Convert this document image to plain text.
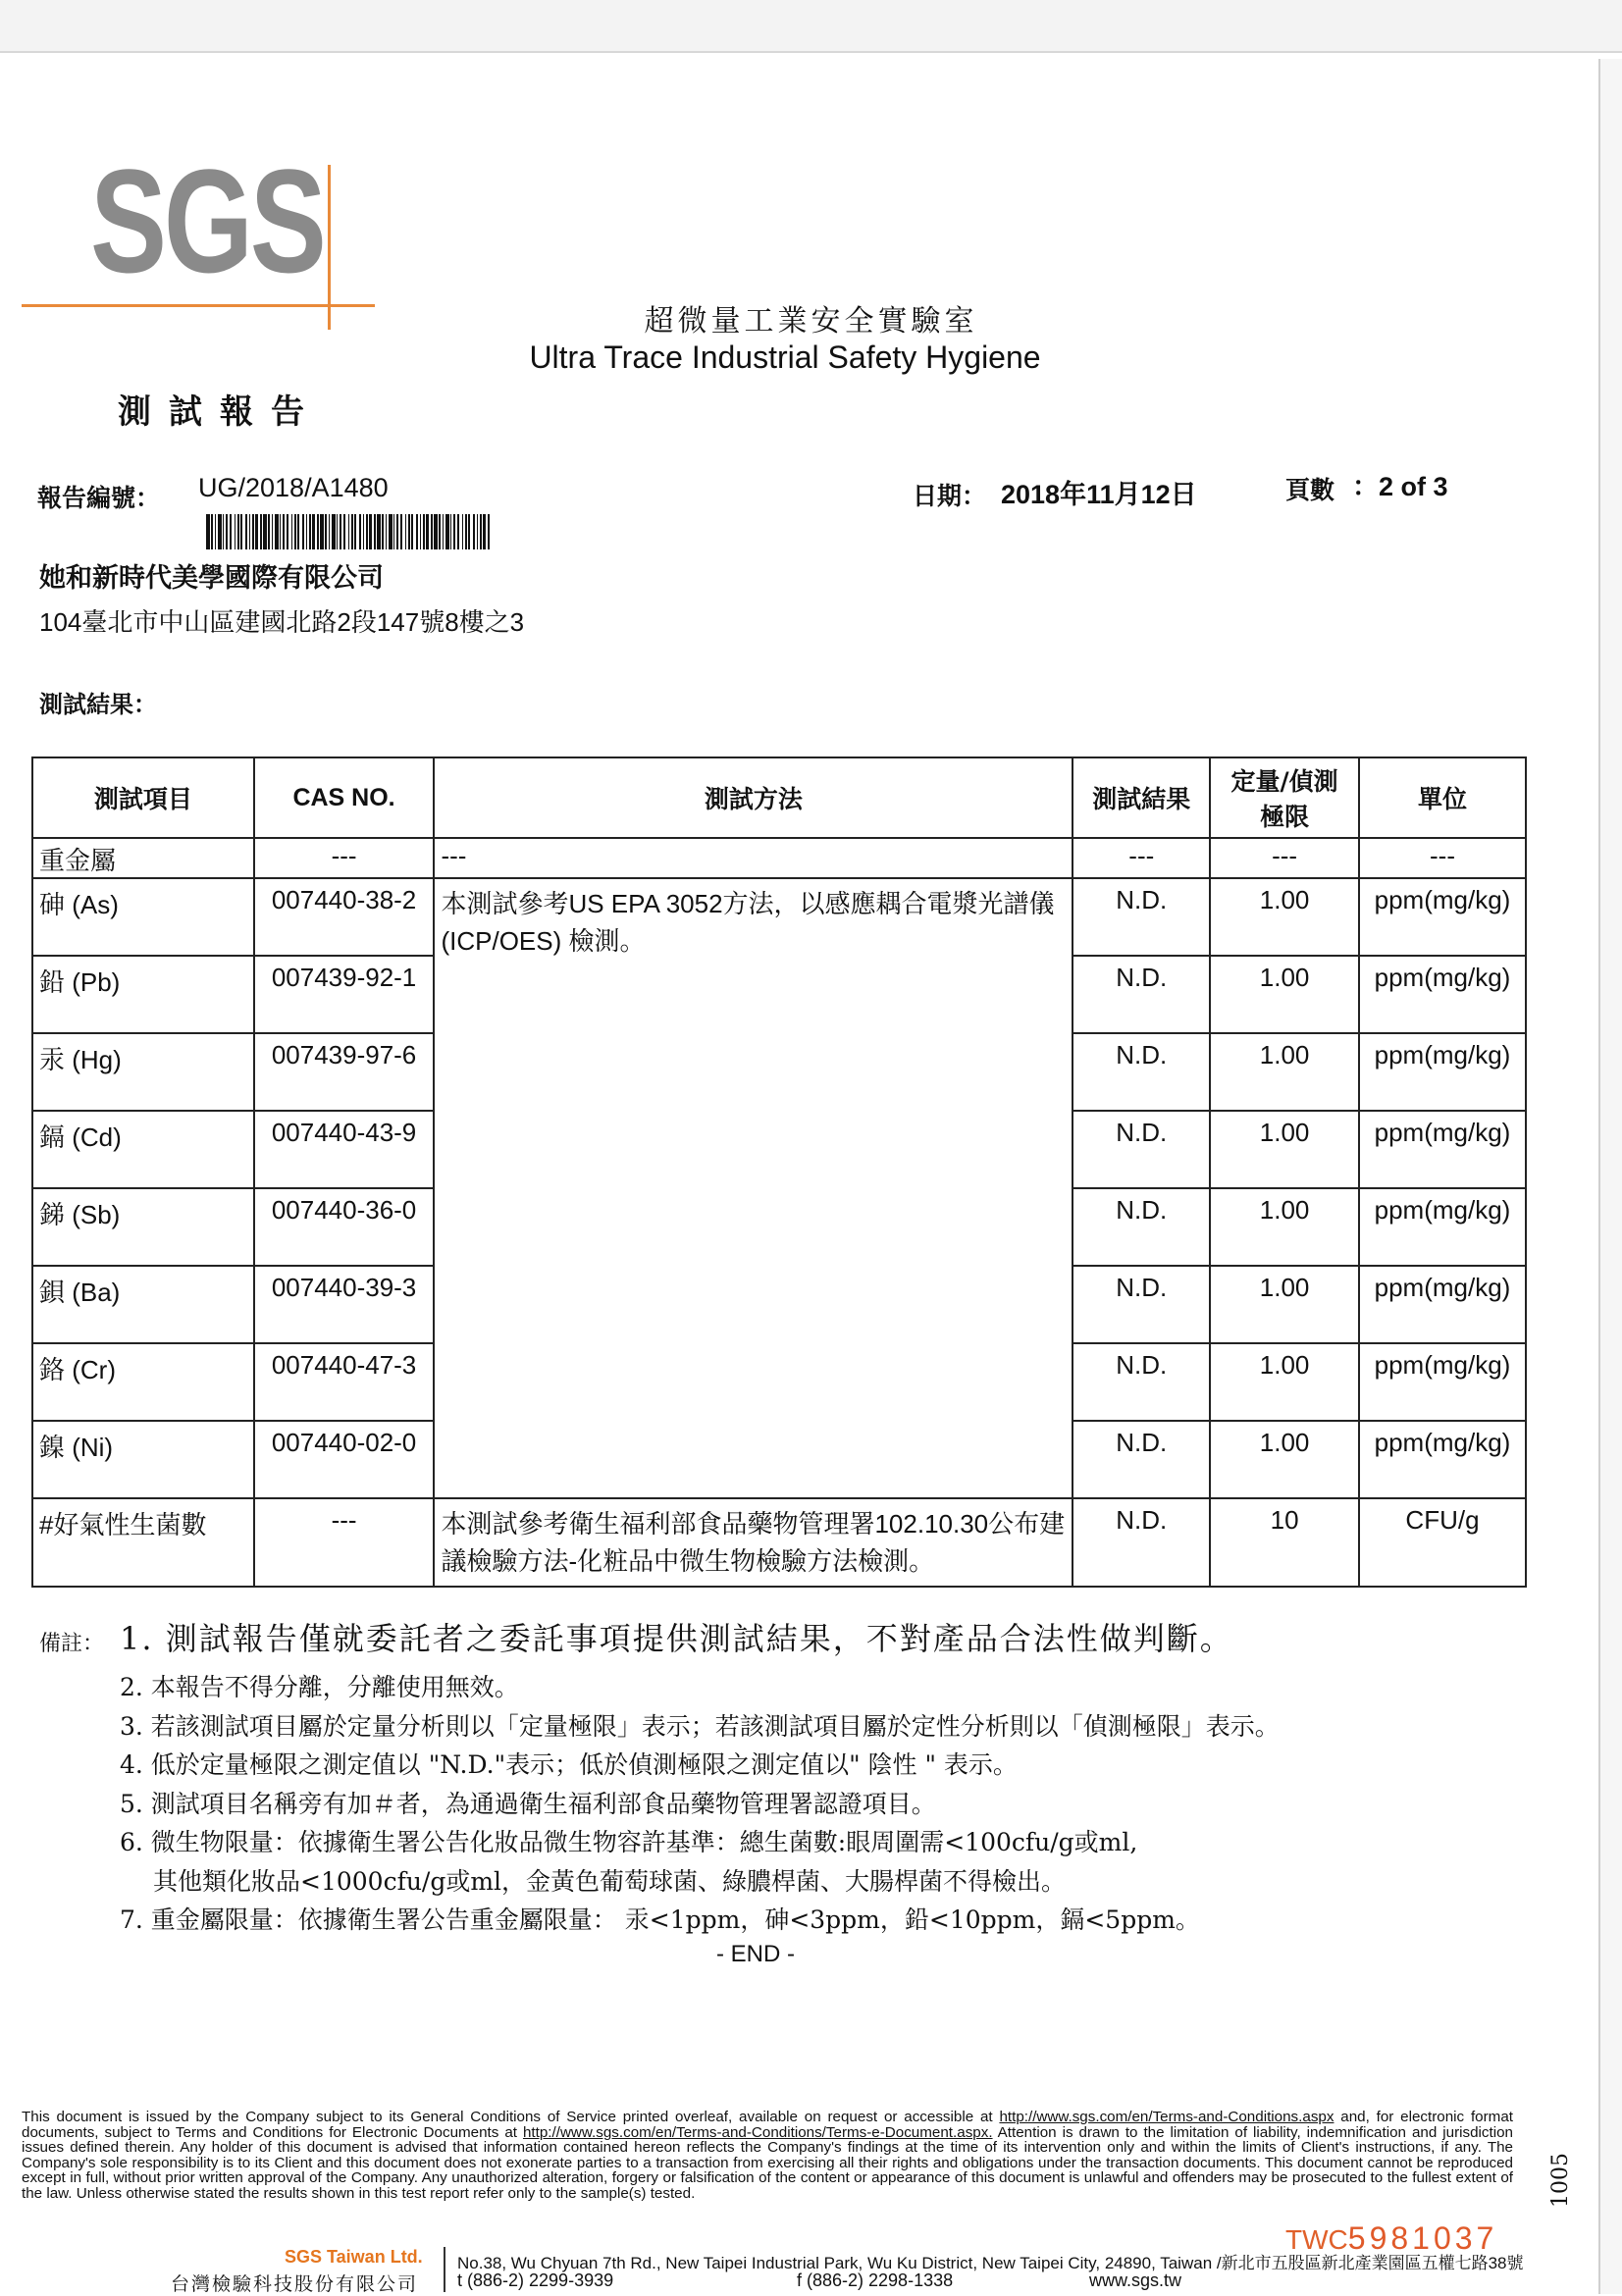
SGS
超微量工業安全實驗室
Ultra Trace Industrial Safety Hygiene
測試報告
報告編號： UG/2018/A1480	日期： 2018年11月12日	頁數 ：2 of 3
她和新時代美學國際有限公司
104臺北市中山區建國北路2段147號8樓之3
測試結果：
測試項目	CAS NO.	測試方法	測試結果	定量/偵測極限	單位
重金屬	---	---	---	---	---
砷 (As)	007440-38-2	本測試參考US EPA 3052方法，以感應耦合電漿光譜儀(ICP/OES) 檢測。	N.D.	1.00	ppm(mg/kg)
鉛 (Pb)	007439-92-1		N.D.	1.00	ppm(mg/kg)
汞 (Hg)	007439-97-6		N.D.	1.00	ppm(mg/kg)
鎘 (Cd)	007440-43-9		N.D.	1.00	ppm(mg/kg)
銻 (Sb)	007440-36-0		N.D.	1.00	ppm(mg/kg)
鋇 (Ba)	007440-39-3		N.D.	1.00	ppm(mg/kg)
鉻 (Cr)	007440-47-3		N.D.	1.00	ppm(mg/kg)
鎳 (Ni)	007440-02-0		N.D.	1.00	ppm(mg/kg)
#好氣性生菌數	---	本測試參考衛生福利部食品藥物管理署102.10.30公布建議檢驗方法-化粧品中微生物檢驗方法檢測。	N.D.	10	CFU/g
備註： 1. 測試報告僅就委託者之委託事項提供測試結果，不對產品合法性做判斷。
2. 本報告不得分離，分離使用無效。
3. 若該測試項目屬於定量分析則以「定量極限」表示；若該測試項目屬於定性分析則以「偵測極限」表示。
4. 低於定量極限之測定值以 "N.D."表示；低於偵測極限之測定值以" 陰性 " 表示。
5. 測試項目名稱旁有加＃者，為通過衛生福利部食品藥物管理署認證項目。
6. 微生物限量：依據衛生署公告化妝品微生物容許基準：總生菌數:眼周圍需<100cfu/g或ml,
其他類化妝品<1000cfu/g或ml，金黃色葡萄球菌、綠膿桿菌、大腸桿菌不得檢出。
7. 重金屬限量：依據衛生署公告重金屬限量： 汞<1ppm，砷<3ppm，鉛<10ppm，鎘<5ppm。
- END -
This document is issued by the Company subject to its General Conditions of Service printed overleaf, available on request or accessible at http://www.sgs.com/en/Terms-and-Conditions.aspx and, for electronic format documents, subject to Terms and Conditions for Electronic Documents at http://www.sgs.com/en/Terms-and-Conditions/Terms-e-Document.aspx. Attention is drawn to the limitation of liability, indemnification and jurisdiction issues defined therein. Any holder of this document is advised that information contained hereon reflects the Company's findings at the time of its intervention only and within the limits of Client's instructions, if any. The Company's sole responsibility is to its Client and this document does not exonerate parties to a transaction from exercising all their rights and obligations under the transaction documents. This document cannot be reproduced except in full, without prior written approval of the Company. Any unauthorized alteration, forgery or falsification of the content or appearance of this document is unlawful and offenders may be prosecuted to the fullest extent of the law. Unless otherwise stated the results shown in this test report refer only to the sample(s) tested.
SGS Taiwan Ltd.
台灣檢驗科技股份有限公司
No.38, Wu Chyuan 7th Rd., New Taipei Industrial Park, Wu Ku District, New Taipei City, 24890, Taiwan /新北市五股區新北產業園區五權七路38號
t (886-2) 2299-3939	f (886-2) 2298-1338	www.sgs.tw
TWC5981037
1005
